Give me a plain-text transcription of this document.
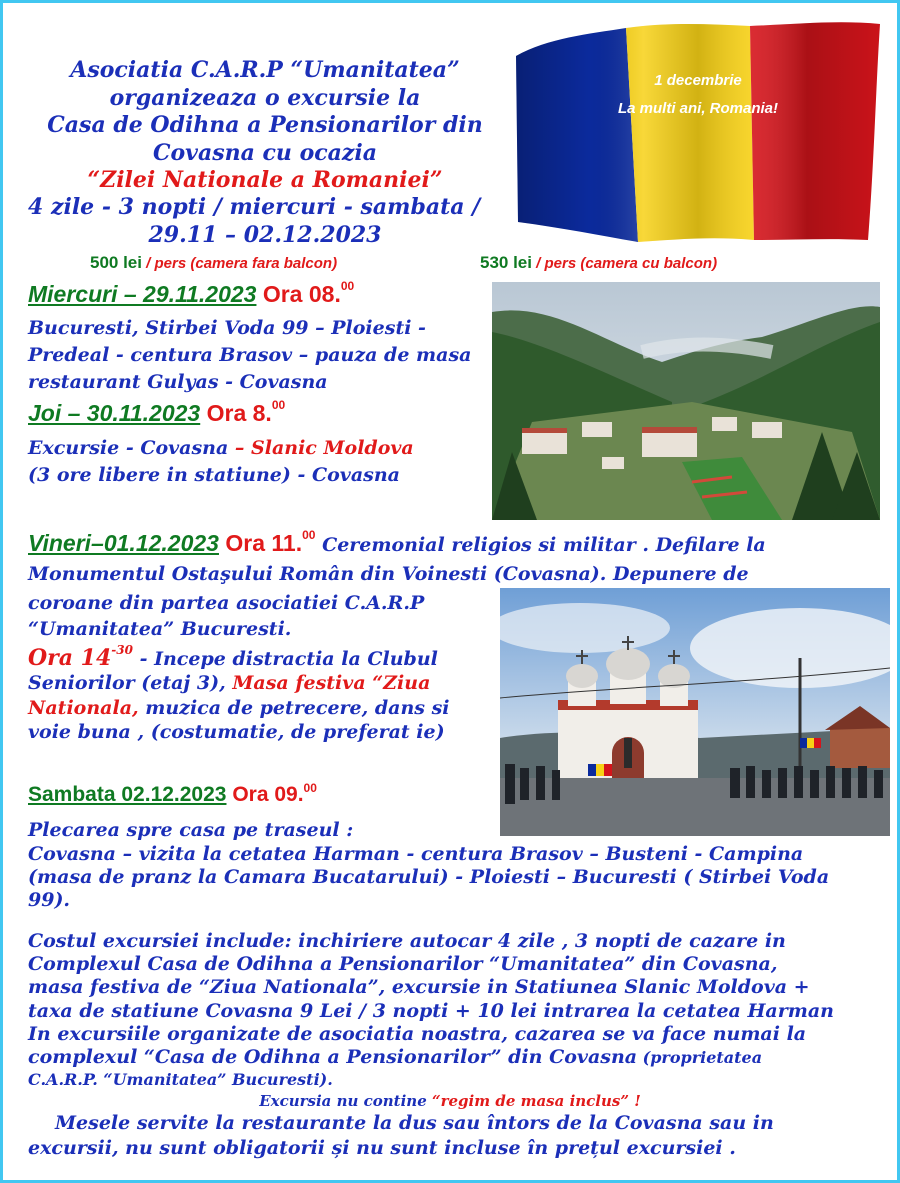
Asociatia C.A.R.P “Umanitatea”
organizeaza o excursie la
Casa de Odihna a Pensionarilor din
Covasna cu ocazia
“Zilei Nationale a Romaniei”
4 zile - 3 nopti / miercuri - sambata /
29.11 – 02.12.2023
1 decembrie
La multi ani, Romania!
500 lei / pers (camera fara balcon)	530 lei / pers (camera cu balcon)
Miercuri – 29.11.2023 Ora 08.00
Bucuresti, Stirbei Voda 99 – Ploiesti -
Predeal - centura Brasov – pauza de masa
restaurant Gulyas - Covasna
Joi – 30.11.2023 Ora 8.00
Excursie - Covasna – Slanic Moldova
(3 ore libere in statiune) - Covasna
Vineri–01.12.2023 Ora 11.00 Ceremonial religios si militar . Defilare la
Monumentul Ostaşului Român din Voinesti (Covasna). Depunere de
coroane din partea asociatiei C.A.R.P
“Umanitatea” Bucuresti.
Ora $14^{-30}$ - Incepe distractia la Clubul
Seniorilor (etaj 3), Masa festiva “Ziua
Nationala, muzica de petrecere, dans si
voie buna , (costumatie, de preferat ie)
Sambata 02.12.2023 Ora 09.00
Plecarea spre casa pe traseul :
Covasna – vizita la cetatea Harman - centura Brasov – Busteni - Campina
(masa de pranz la Camara Bucatarului) - Ploiesti – Bucuresti ( Stirbei Voda
99).
Costul excursiei include: inchiriere autocar 4 zile , 3 nopti de cazare in
Complexul Casa de Odihna a Pensionarilor “Umanitatea” din Covasna,
masa festiva de “Ziua Nationala”, excursie in Statiunea Slanic Moldova +
taxa de statiune Covasna 9 Lei / 3 nopti + 10 lei intrarea la cetatea Harman
In excursiile organizate de asociatia noastra, cazarea se va face numai la
complexul “Casa de Odihna a Pensionarilor” din Covasna (proprietatea
C.A.R.P. “Umanitatea” Bucuresti).
Excursia nu contine “regim de masa inclus” !
Mesele servite la restaurante la dus sau întors de la Covasna sau in
excursii, nu sunt obligatorii și nu sunt incluse în prețul excursiei .
